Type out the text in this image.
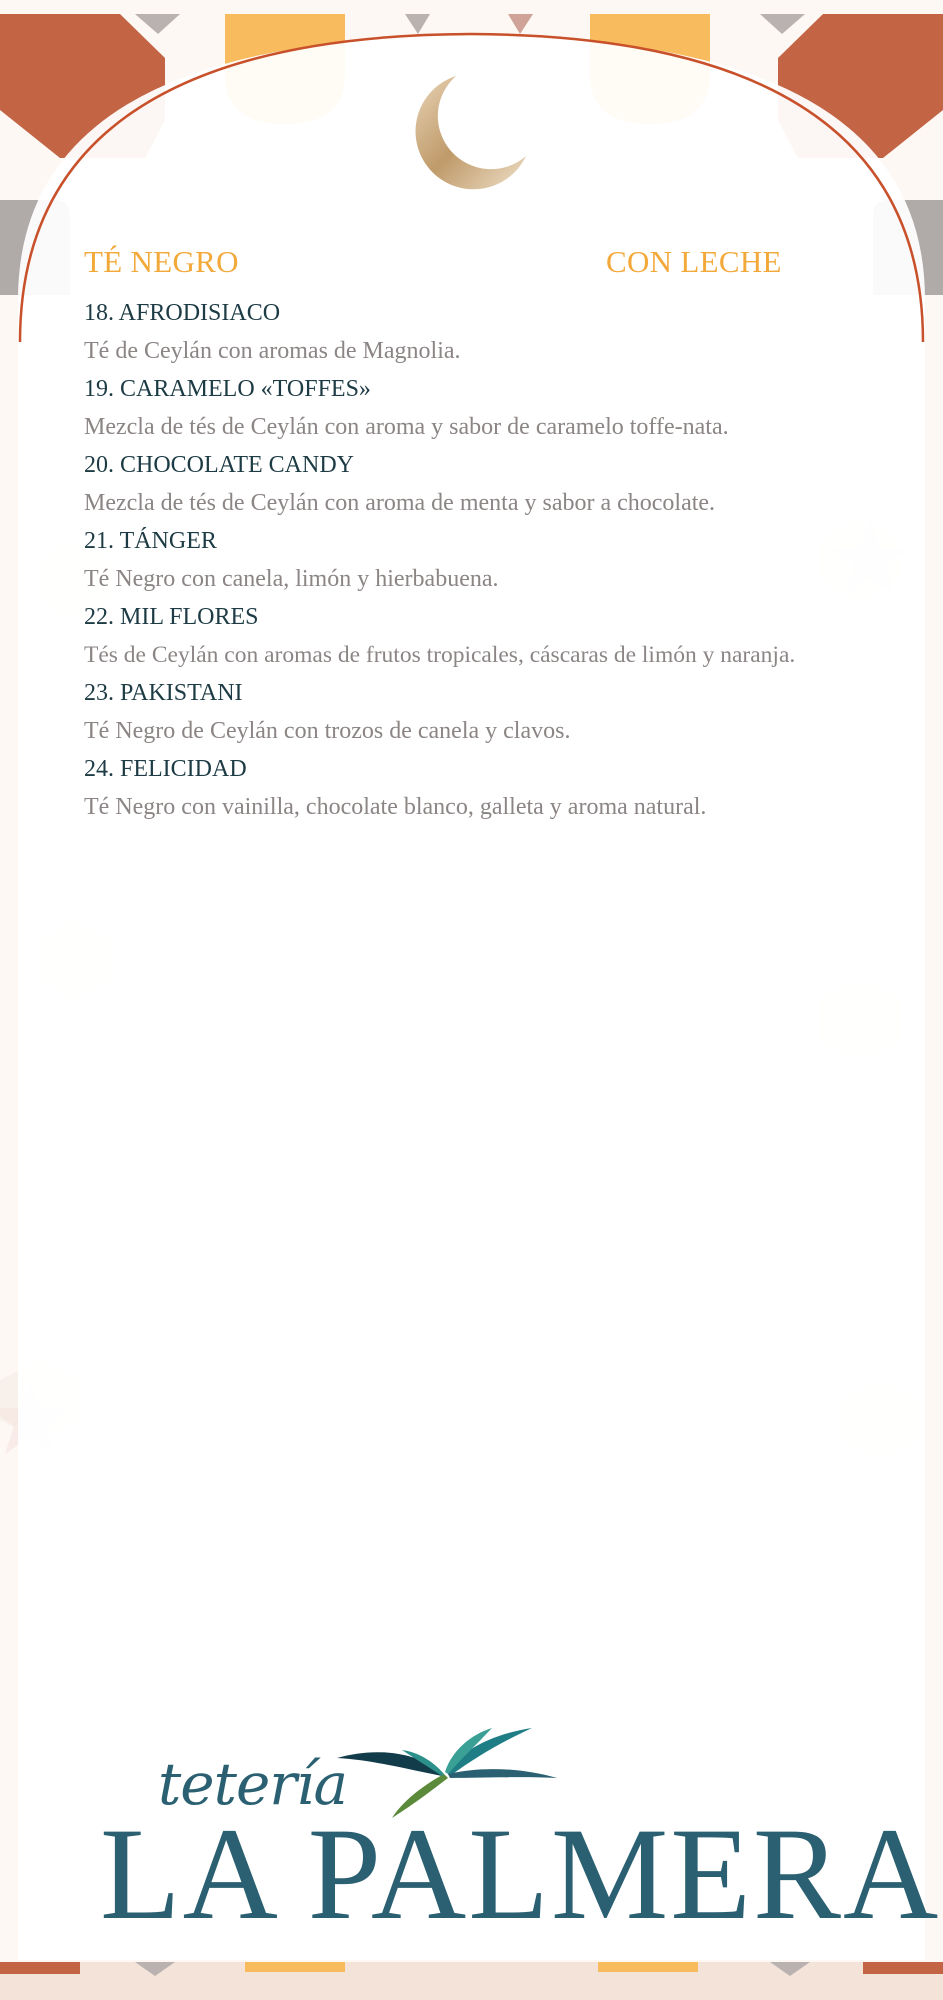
TÉ NEGRO	CON LECHE
18. AFRODISIACO
Té de Ceylán con aromas de Magnolia.
19. CARAMELO «TOFFES»
Mezcla de tés de Ceylán con aroma y sabor de caramelo toffe-nata.
20. CHOCOLATE CANDY
Mezcla de tés de Ceylán con aroma de menta y sabor a chocolate.
21. TÁNGER
Té Negro con canela, limón y hierbabuena.
22. MIL FLORES
Tés de Ceylán con aromas de frutos tropicales, cáscaras de limón y naranja.
23. PAKISTANI
Té Negro de Ceylán con trozos de canela y clavos.
24. FELICIDAD
Té Negro con vainilla, chocolate blanco, galleta y aroma natural.
tetería
LA PALMERA
